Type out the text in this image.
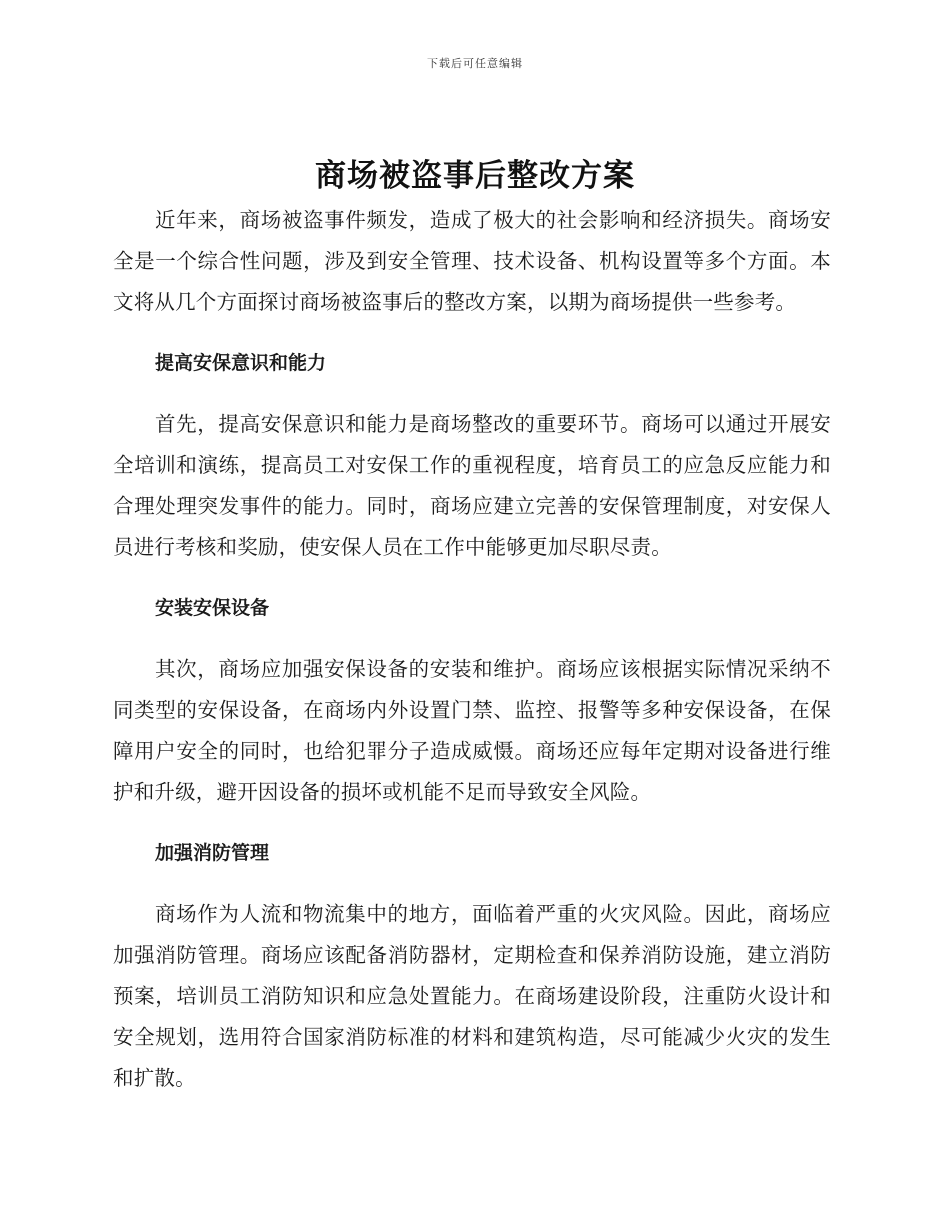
下载后可任意编辑
商场被盗事后整改方案

近年来，商场被盗事件频发，造成了极大的社会影响和经济损失。商场安全是一个综合性问题，涉及到安全管理、技术设备、机构设置等多个方面。本文将从几个方面探讨商场被盗事后的整改方案，以期为商场提供一些参考。

提高安保意识和能力

首先，提高安保意识和能力是商场整改的重要环节。商场可以通过开展安全培训和演练，提高员工对安保工作的重视程度，培育员工的应急反应能力和合理处理突发事件的能力。同时，商场应建立完善的安保管理制度，对安保人员进行考核和奖励，使安保人员在工作中能够更加尽职尽责。

安装安保设备

其次，商场应加强安保设备的安装和维护。商场应该根据实际情况采纳不同类型的安保设备，在商场内外设置门禁、监控、报警等多种安保设备，在保障用户安全的同时，也给犯罪分子造成威慑。商场还应每年定期对设备进行维护和升级，避开因设备的损坏或机能不足而导致安全风险。

加强消防管理

商场作为人流和物流集中的地方，面临着严重的火灾风险。因此，商场应加强消防管理。商场应该配备消防器材，定期检查和保养消防设施，建立消防预案，培训员工消防知识和应急处置能力。在商场建设阶段，注重防火设计和安全规划，选用符合国家消防标准的材料和建筑构造，尽可能减少火灾的发生和扩散。
